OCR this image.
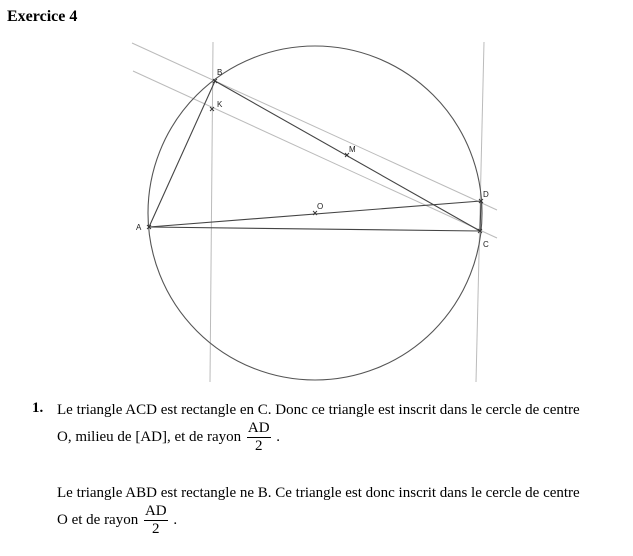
Exercice 4
A
B
C
D
O
K
M
1. Le triangle ACD est rectangle en C. Donc ce triangle est inscrit dans le cercle de centre
O, milieu de [AD], et de rayon $\frac{AD}{2}$ .
Le triangle ABD est rectangle ne B. Ce triangle est donc inscrit dans le cercle de centre
O et de rayon $\frac{AD}{2}$ .
